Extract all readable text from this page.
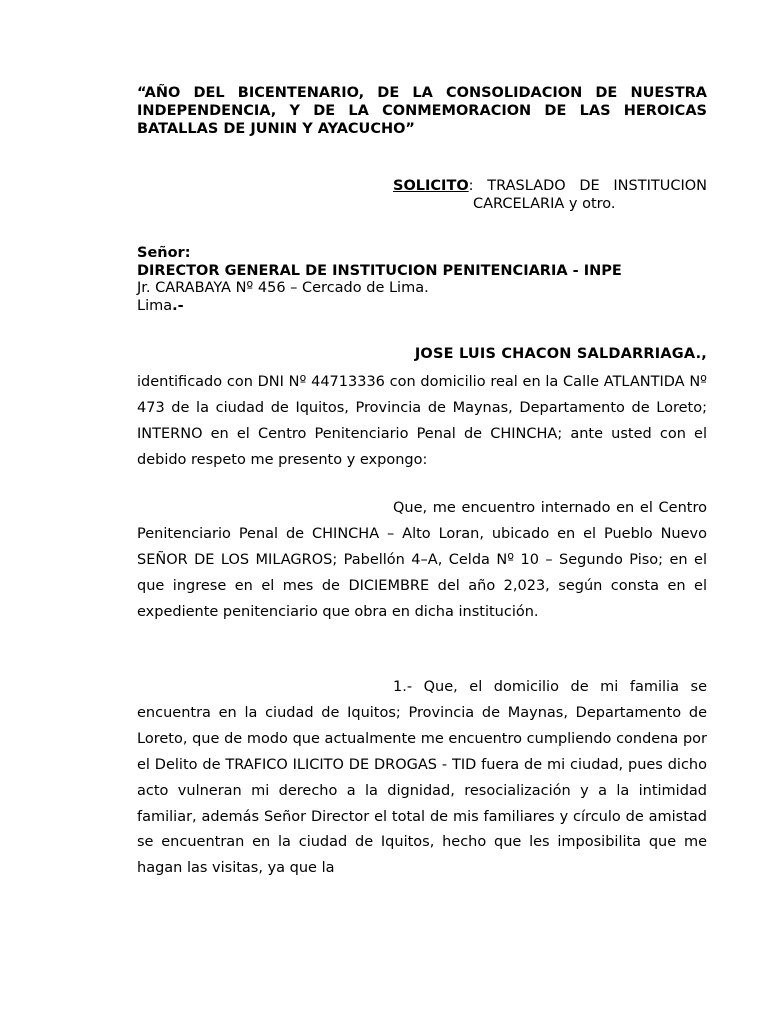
“AÑO DEL BICENTENARIO, DE LA CONSOLIDACION DE NUESTRA INDEPENDENCIA, Y DE LA CONMEMORACION DE LAS HEROICAS BATALLAS DE JUNIN Y AYACUCHO”
SOLICITO: TRASLADO DE INSTITUCION
CARCELARIA y otro.
Señor:
DIRECTOR GENERAL DE INSTITUCION PENITENCIARIA - INPE
Jr. CARABAYA Nº 456 – Cercado de Lima.
Lima.-
JOSE LUIS CHACON SALDARRIAGA.,
identificado con DNI Nº 44713336 con domicilio real en la Calle ATLANTIDA Nº 473 de la ciudad de Iquitos, Provincia de Maynas, Departamento de Loreto; INTERNO en el Centro Penitenciario Penal de CHINCHA; ante usted con el debido respeto me presento y expongo:
Que, me encuentro internado en el Centro Penitenciario Penal de CHINCHA – Alto Loran, ubicado en el Pueblo Nuevo SEÑOR DE LOS MILAGROS; Pabellón 4–A, Celda Nº 10 – Segundo Piso; en el que ingrese en el mes de DICIEMBRE del año 2,023, según consta en el expediente penitenciario que obra en dicha institución.
1.- Que, el domicilio de mi familia se encuentra en la ciudad de Iquitos; Provincia de Maynas, Departamento de Loreto, que de modo que actualmente me encuentro cumpliendo condena por el Delito de TRAFICO ILICITO DE DROGAS - TID fuera de mi ciudad, pues dicho acto vulneran mi derecho a la dignidad, resocialización y a la intimidad familiar, además Señor Director el total de mis familiares y círculo de amistad se encuentran en la ciudad de Iquitos, hecho que les imposibilita que me hagan las visitas, ya que la
